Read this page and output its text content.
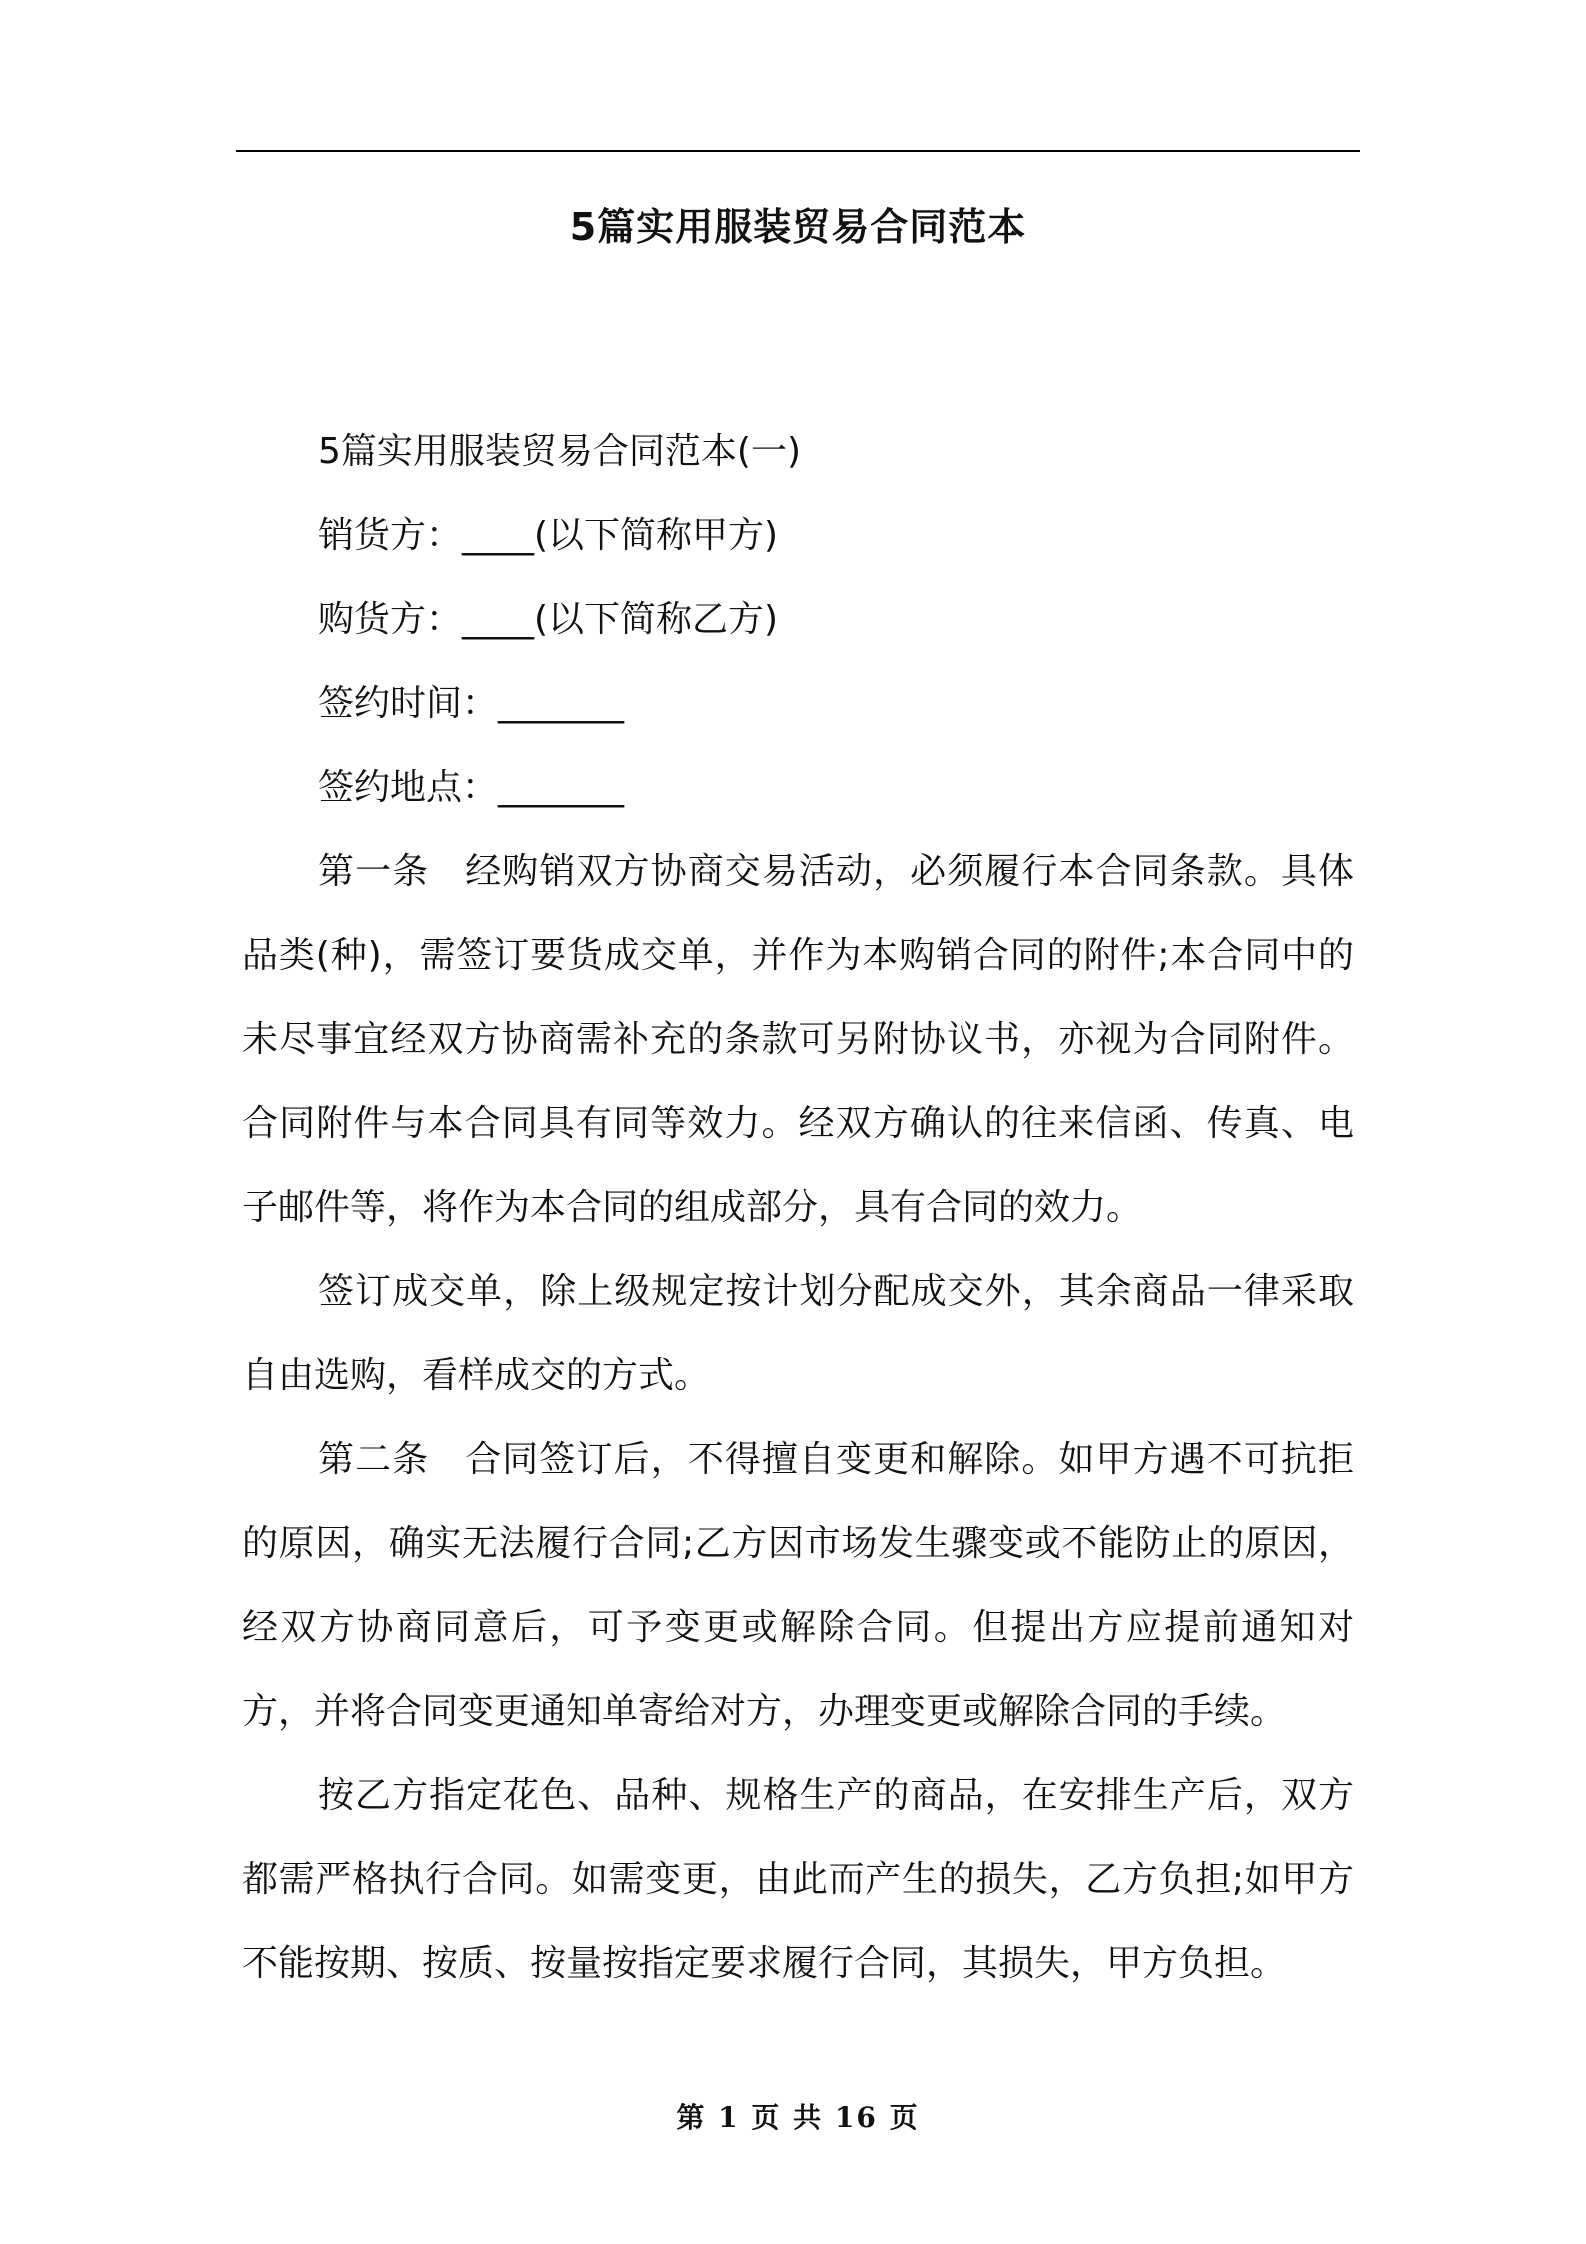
5篇实用服装贸易合同范本
5篇实用服装贸易合同范本(一)
销货方：____(以下简称甲方)
购货方：____(以下简称乙方)
签约时间：_______
签约地点：_______

第一条 经购销双方协商交易活动，必须履行本合同条款。具体品类(种)，需签订要货成交单，并作为本购销合同的附件;本合同中的未尽事宜经双方协商需补充的条款可另附协议书，亦视为合同附件。合同附件与本合同具有同等效力。经双方确认的往来信函、传真、电子邮件等，将作为本合同的组成部分，具有合同的效力。

签订成交单，除上级规定按计划分配成交外，其余商品一律采取自由选购，看样成交的方式。

第二条 合同签订后，不得擅自变更和解除。如甲方遇不可抗拒的原因，确实无法履行合同;乙方因市场发生骤变或不能防止的原因，经双方协商同意后，可予变更或解除合同。但提出方应提前通知对方，并将合同变更通知单寄给对方，办理变更或解除合同的手续。

按乙方指定花色、品种、规格生产的商品，在安排生产后，双方都需严格执行合同。如需变更，由此而产生的损失，乙方负担;如甲方不能按期、按质、按量按指定要求履行合同，其损失，甲方负担。

第 1 页 共 16 页
